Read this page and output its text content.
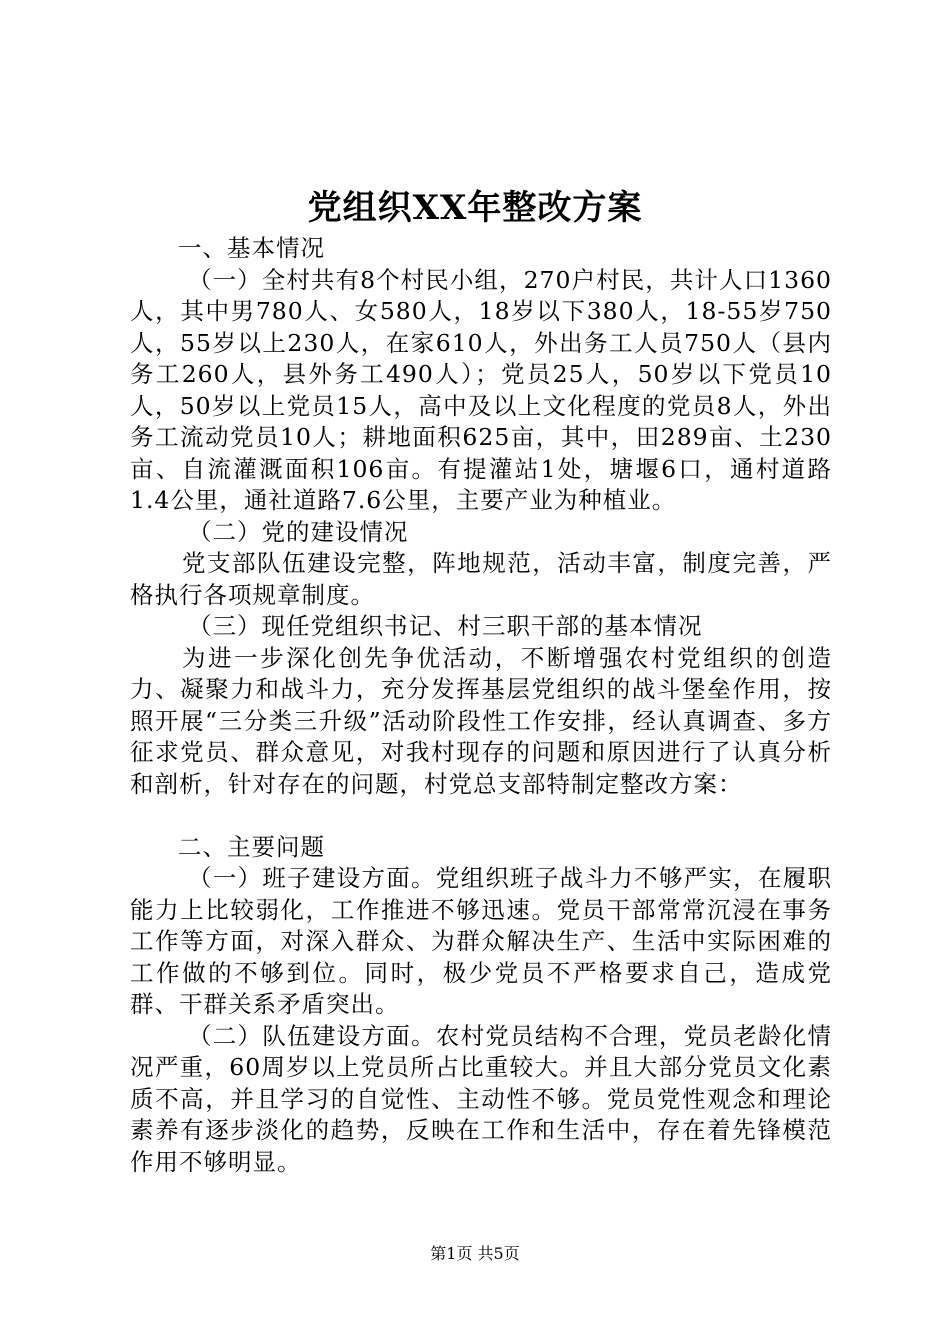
党组织XX年整改方案

一、基本情况

（一）全村共有8个村民小组，270户村民，共计人口1360人，其中男780人、女580人，18岁以下380人，18-55岁750人，55岁以上230人，在家610人，外出务工人员750人（县内务工260人，县外务工490人）；党员25人，50岁以下党员10人，50岁以上党员15人，高中及以上文化程度的党员8人，外出务工流动党员10人；耕地面积625亩，其中，田289亩、土230亩、自流灌溉面积106亩。有提灌站1处，塘堰6口，通村道路1.4公里，通社道路7.6公里，主要产业为种植业。

（二）党的建设情况

党支部队伍建设完整，阵地规范，活动丰富，制度完善，严格执行各项规章制度。

（三）现任党组织书记、村三职干部的基本情况

为进一步深化创先争优活动，不断增强农村党组织的创造力、凝聚力和战斗力，充分发挥基层党组织的战斗堡垒作用，按照开展“三分类三升级”活动阶段性工作安排，经认真调查、多方征求党员、群众意见，对我村现存的问题和原因进行了认真分析和剖析，针对存在的问题，村党总支部特制定整改方案：

二、主要问题

（一）班子建设方面。党组织班子战斗力不够严实，在履职能力上比较弱化，工作推进不够迅速。党员干部常常沉浸在事务工作等方面，对深入群众、为群众解决生产、生活中实际困难的工作做的不够到位。同时，极少党员不严格要求自己，造成党群、干群关系矛盾突出。

（二）队伍建设方面。农村党员结构不合理，党员老龄化情况严重，60周岁以上党员所占比重较大。并且大部分党员文化素质不高，并且学习的自觉性、主动性不够。党员党性观念和理论素养有逐步淡化的趋势，反映在工作和生活中，存在着先锋模范作用不够明显。

第1页 共5页
